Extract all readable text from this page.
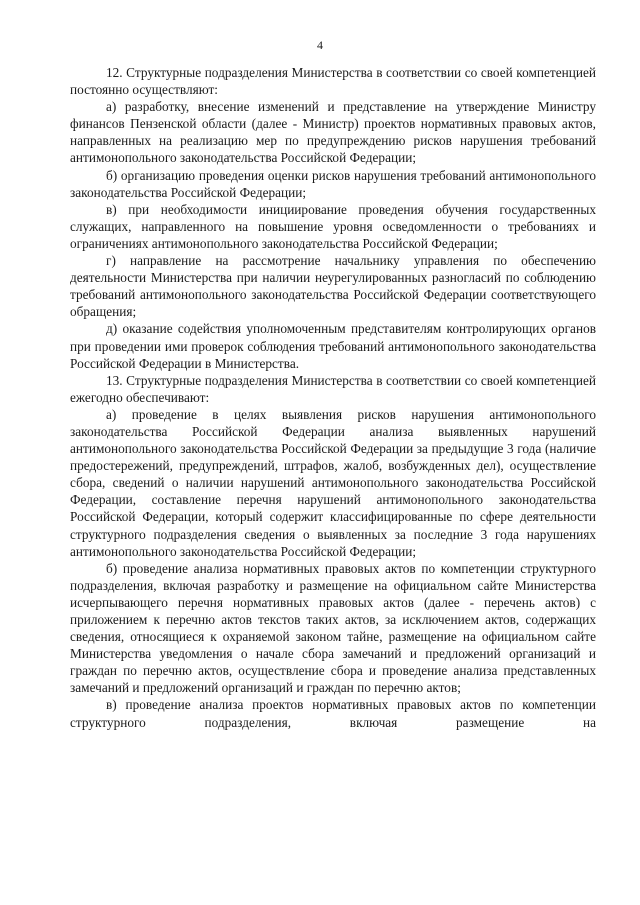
4

12. Структурные подразделения Министерства в соответствии со своей компетенцией постоянно осуществляют:

а) разработку, внесение изменений и представление на утверждение Министру финансов Пензенской области (далее - Министр) проектов нормативных правовых актов, направленных на реализацию мер по предупреждению рисков нарушения требований антимонопольного законодательства Российской Федерации;

б) организацию проведения оценки рисков нарушения требований антимонопольного законодательства Российской Федерации;

в) при необходимости инициирование проведения обучения государственных служащих, направленного на повышение уровня осведомленности о требованиях и ограничениях антимонопольного законодательства Российской Федерации;

г) направление на рассмотрение начальнику управления по обеспечению деятельности Министерства при наличии неурегулированных разногласий по соблюдению требований антимонопольного законодательства Российской Федерации соответствующего обращения;

д) оказание содействия уполномоченным представителям контролирующих органов при проведении ими проверок соблюдения требований антимонопольного законодательства Российской Федерации в Министерства.

13. Структурные подразделения Министерства в соответствии со своей компетенцией ежегодно обеспечивают:

а) проведение в целях выявления рисков нарушения антимонопольного законодательства Российской Федерации анализа выявленных нарушений антимонопольного законодательства Российской Федерации за предыдущие 3 года (наличие предостережений, предупреждений, штрафов, жалоб, возбужденных дел), осуществление сбора, сведений о наличии нарушений антимонопольного законодательства Российской Федерации, составление перечня нарушений антимонопольного законодательства Российской Федерации, который содержит классифицированные по сфере деятельности структурного подразделения сведения о выявленных за последние 3 года нарушениях антимонопольного законодательства Российской Федерации;

б) проведение анализа нормативных правовых актов по компетенции структурного подразделения, включая разработку и размещение на официальном сайте Министерства исчерпывающего перечня нормативных правовых актов (далее - перечень актов) с приложением к перечню актов текстов таких актов, за исключением актов, содержащих сведения, относящиеся к охраняемой законом тайне, размещение на официальном сайте Министерства уведомления о начале сбора замечаний и предложений организаций и граждан по перечню актов, осуществление сбора и проведение анализа представленных замечаний и предложений организаций и граждан по перечню актов;

в) проведение анализа проектов нормативных правовых актов по компетенции структурного подразделения, включая размещение на
